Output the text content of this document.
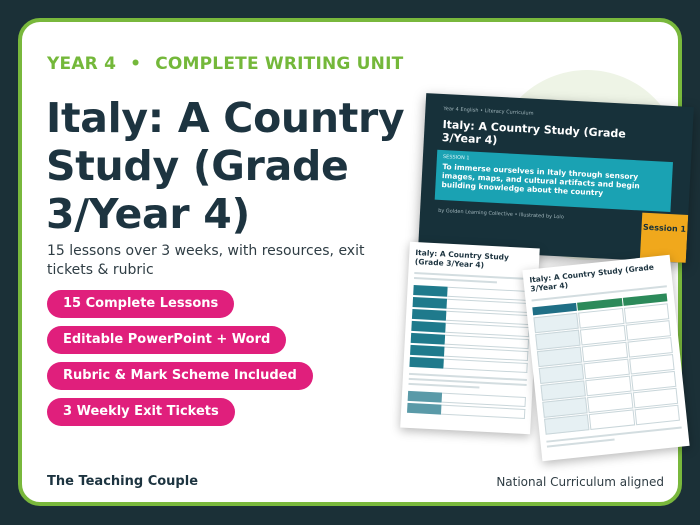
YEAR 4 • COMPLETE WRITING UNIT
Italy: A Country Study (Grade 3/Year 4)
15 lessons over 3 weeks, with resources, exit tickets & rubric
15 Complete Lessons
Editable PowerPoint + Word
Rubric & Mark Scheme Included
3 Weekly Exit Tickets
The Teaching Couple	National Curriculum aligned
Year 4 English • Literacy Curriculum
Italy: A Country Study (Grade 3/Year 4)
SESSION 1
To immerse ourselves in Italy through sensory images, maps, and cultural artifacts and begin building knowledge about the country
by Golden Learning Collective • Illustrated by Lolo
Session 1
Italy: A Country Study (Grade 3/Year 4)	Italy: A Country Study (Grade 3/Year 4)
